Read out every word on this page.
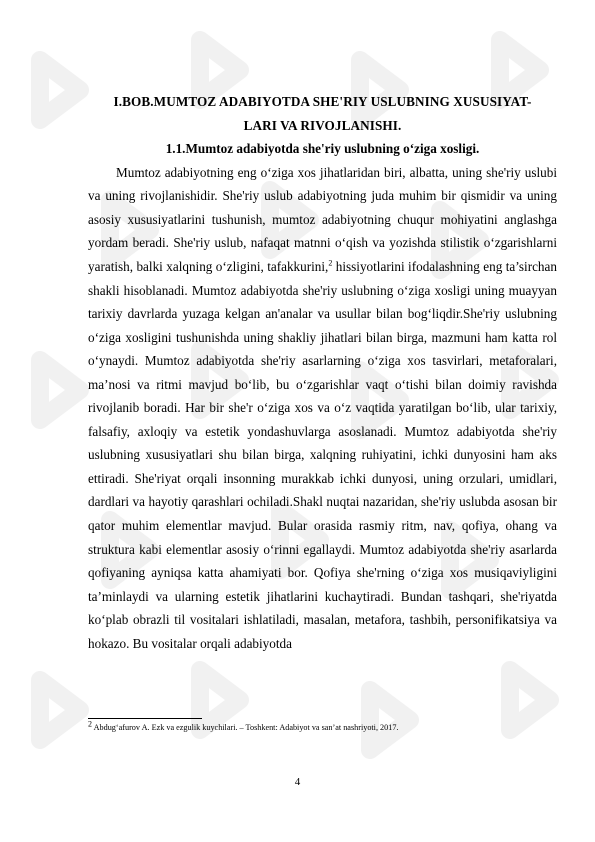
I.BOB.MUMTOZ ADABIYOTDA SHE'RIY USLUBNING XUSUSIYAT-
LARI VA RIVOJLANISHI.

1.1.Mumtoz adabiyotda she'riy uslubning o‘ziga xosligi.

Mumtoz adabiyotning eng o‘ziga xos jihatlaridan biri, albatta, uning she'riy uslubi va uning rivojlanishidir. She'riy uslub adabiyotning juda muhim bir qismidir va uning asosiy xususiyatlarini tushunish, mumtoz adabiyotning chuqur mohiyatini anglashga yordam beradi. She'riy uslub, nafaqat matnni o‘qish va yozishda stilistik o‘zgarishlarni yaratish, balki xalqning o‘zligini, tafakkurini,$^2$ hissiyotlarini ifodalashning eng ta’sirchan shakli hisoblanadi. Mumtoz adabiyotda she'riy uslubning o‘ziga xosligi uning muayyan tarixiy davrlarda yuzaga kelgan an'analar va usullar bilan bog‘liqdir.She'riy uslubning o‘ziga xosligini tushunishda uning shakliy jihatlari bilan birga, mazmuni ham katta rol o‘ynaydi. Mumtoz adabiyotda she'riy asarlarning o‘ziga xos tasvirlari, metaforalari, ma’nosi va ritmi mavjud bo‘lib, bu o‘zgarishlar vaqt o‘tishi bilan doimiy ravishda rivojlanib boradi. Har bir she'r o‘ziga xos va o‘z vaqtida yaratilgan bo‘lib, ular tarixiy, falsafiy, axloqiy va estetik yondashuvlarga asoslanadi. Mumtoz adabiyotda she'riy uslubning xususiyatlari shu bilan birga, xalqning ruhiyatini, ichki dunyosini ham aks ettiradi. She'riyat orqali insonning murakkab ichki dunyosi, uning orzulari, umidlari, dardlari va hayotiy qarashlari ochiladi.Shakl nuqtai nazaridan, she'riy uslubda asosan bir qator muhim elementlar mavjud. Bular orasida rasmiy ritm, nav, qofiya, ohang va struktura kabi elementlar asosiy o‘rinni egallaydi. Mumtoz adabiyotda she'riy asarlarda qofiyaning ayniqsa katta ahamiyati bor. Qofiya she'rning o‘ziga xos musiqaviyligini ta’minlaydi va ularning estetik jihatlarini kuchaytiradi. Bundan tashqari, she'riyatda ko‘plab obrazli til vositalari ishlatiladi, masalan, metafora, tashbih, personifikatsiya va hokazo. Bu vositalar orqali adabiyotda

$^2$ Abdug‘afurov A. Ezk va ezgulik kuychilari. – Toshkent: Adabiyot va san’at nashriyoti, 2017.

4
